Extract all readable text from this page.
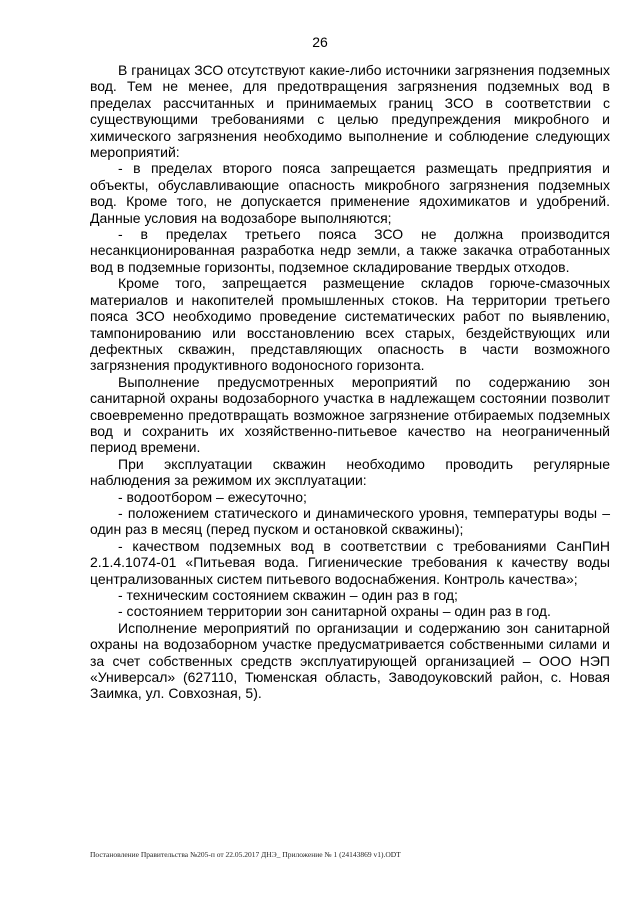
26

В границах ЗСО отсутствуют какие-либо источники загрязнения подземных вод. Тем не менее, для предотвращения загрязнения подземных вод в пределах рассчитанных и принимаемых границ ЗСО в соответствии с существующими требованиями с целью предупреждения микробного и химического загрязнения необходимо выполнение и соблюдение следующих мероприятий:

- в пределах второго пояса запрещается размещать предприятия и объекты, обуславливающие опасность микробного загрязнения подземных вод. Кроме того, не допускается применение ядохимикатов и удобрений. Данные условия на водозаборе выполняются;

- в пределах третьего пояса ЗСО не должна производится несанкционированная разработка недр земли, а также закачка отработанных вод в подземные горизонты, подземное складирование твердых отходов.

Кроме того, запрещается размещение складов горюче-смазочных материалов и накопителей промышленных стоков. На территории третьего пояса ЗСО необходимо проведение систематических работ по выявлению, тампонированию или восстановлению всех старых, бездействующих или дефектных скважин, представляющих опасность в части возможного загрязнения продуктивного водоносного горизонта.

Выполнение предусмотренных мероприятий по содержанию зон санитарной охраны водозаборного участка в надлежащем состоянии позволит своевременно предотвращать возможное загрязнение отбираемых подземных вод и сохранить их хозяйственно-питьевое качество на неограниченный период времени.

При эксплуатации скважин необходимо проводить регулярные наблюдения за режимом их эксплуатации:

- водоотбором – ежесуточно;

- положением статического и динамического уровня, температуры воды – один раз в месяц (перед пуском и остановкой скважины);

- качеством подземных вод в соответствии с требованиями СанПиН 2.1.4.1074-01 «Питьевая вода. Гигиенические требования к качеству воды централизованных систем питьевого водоснабжения. Контроль качества»;

- техническим состоянием скважин – один раз в год;

- состоянием территории зон санитарной охраны – один раз в год.

Исполнение мероприятий по организации и содержанию зон санитарной охраны на водозаборном участке предусматривается собственными силами и за счет собственных средств эксплуатирующей организацией – ООО НЭП «Универсал» (627110, Тюменская область, Заводоуковский район, с. Новая Заимка, ул. Совхозная, 5).

Постановление Правительства №205-п от 22.05.2017 ДНЭ_ Приложение № 1 (24143869 v1).ODT
